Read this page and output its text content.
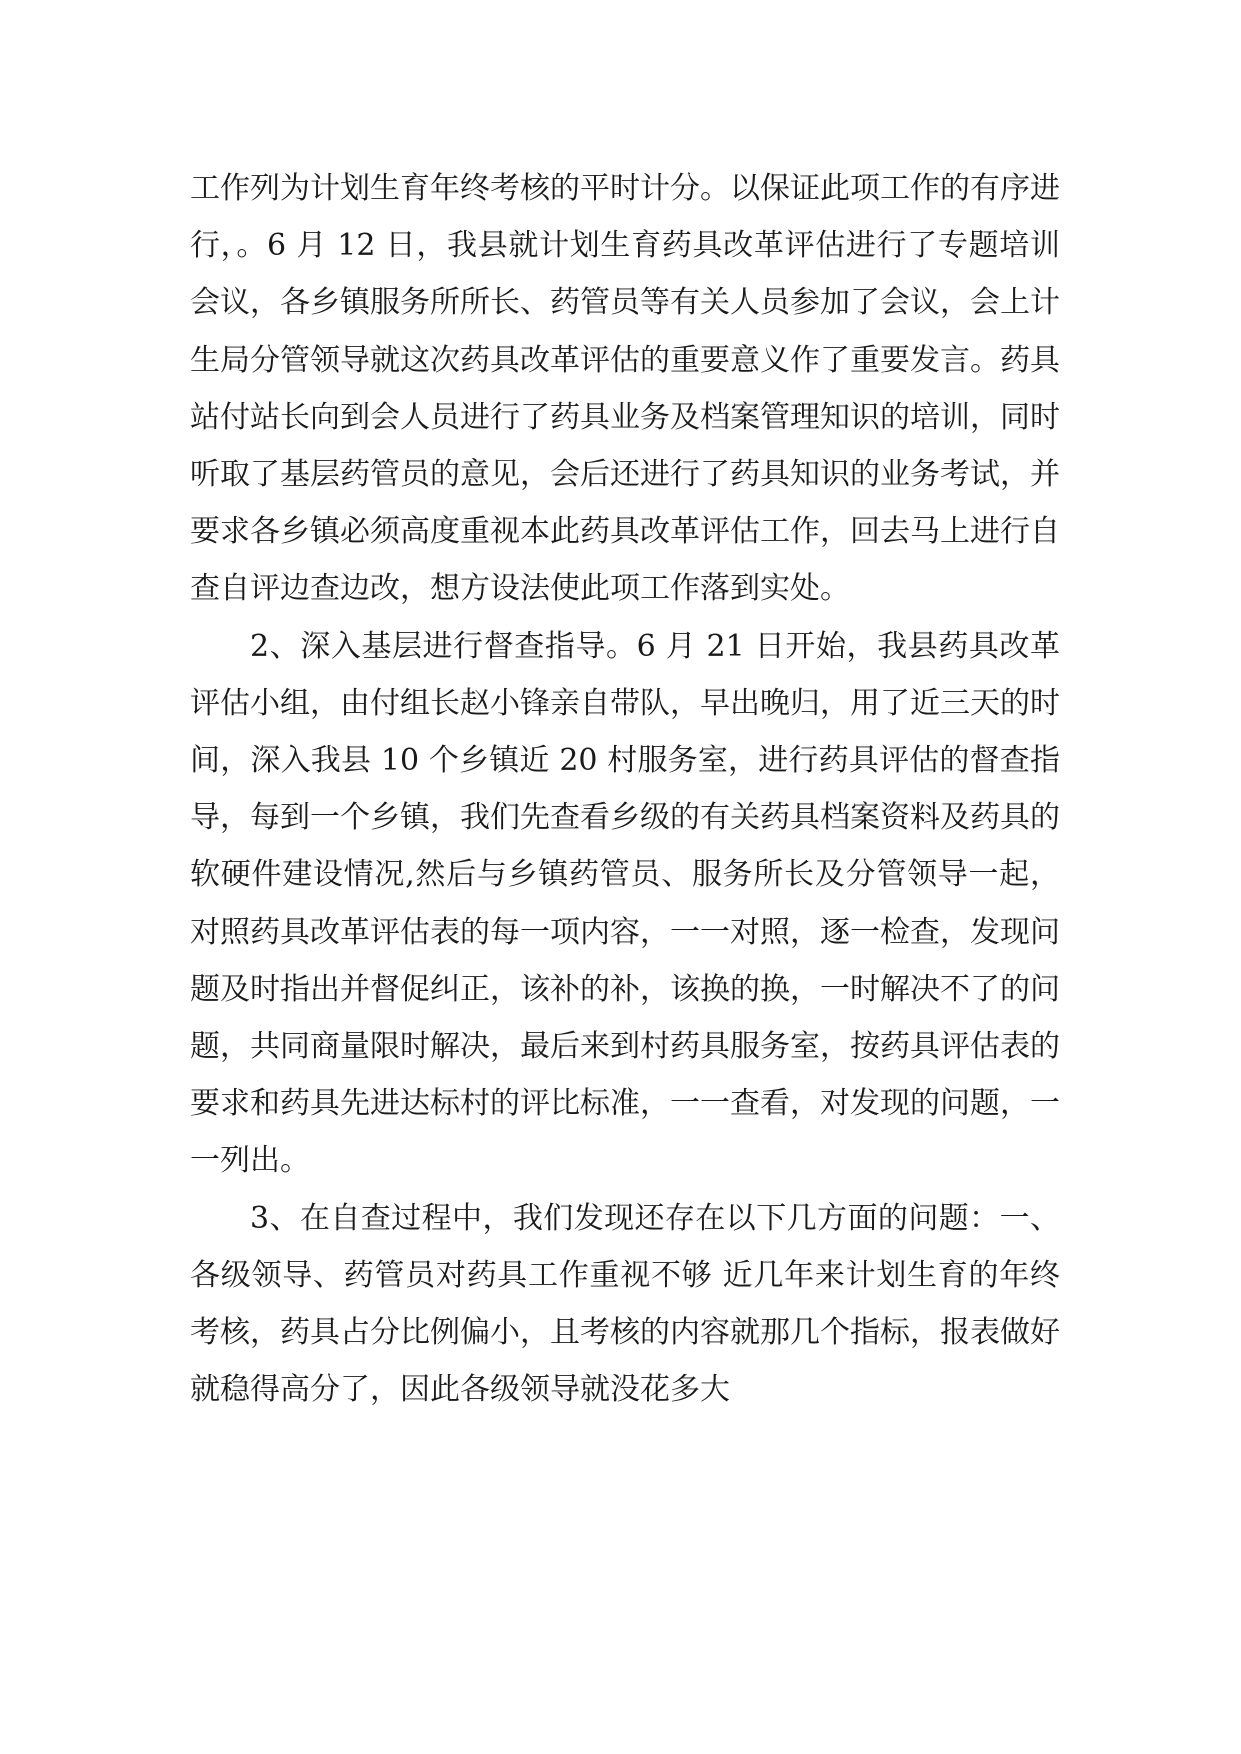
工作列为计划生育年终考核的平时计分。以保证此项工作的有序进行，。6 月 12 日，我县就计划生育药具改革评估进行了专题培训会议，各乡镇服务所所长、药管员等有关人员参加了会议，会上计生局分管领导就这次药具改革评估的重要意义作了重要发言。药具站付站长向到会人员进行了药具业务及档案管理知识的培训，同时听取了基层药管员的意见，会后还进行了药具知识的业务考试，并要求各乡镇必须高度重视本此药具改革评估工作，回去马上进行自查自评边查边改，想方设法使此项工作落到实处。

2、深入基层进行督查指导。6 月 21 日开始，我县药具改革评估小组，由付组长赵小锋亲自带队，早出晚归，用了近三天的时间，深入我县 10 个乡镇近 20 村服务室，进行药具评估的督查指导，每到一个乡镇，我们先查看乡级的有关药具档案资料及药具的软硬件建设情况,然后与乡镇药管员、服务所长及分管领导一起，对照药具改革评估表的每一项内容，一一对照，逐一检查，发现问题及时指出并督促纠正，该补的补，该换的换，一时解决不了的问题，共同商量限时解决，最后来到村药具服务室，按药具评估表的要求和药具先进达标村的评比标准，一一查看，对发现的问题，一一列出。

3、在自查过程中，我们发现还存在以下几方面的问题：一、各级领导、药管员对药具工作重视不够 近几年来计划生育的年终考核，药具占分比例偏小，且考核的内容就那几个指标，报表做好就稳得高分了，因此各级领导就没花多大
